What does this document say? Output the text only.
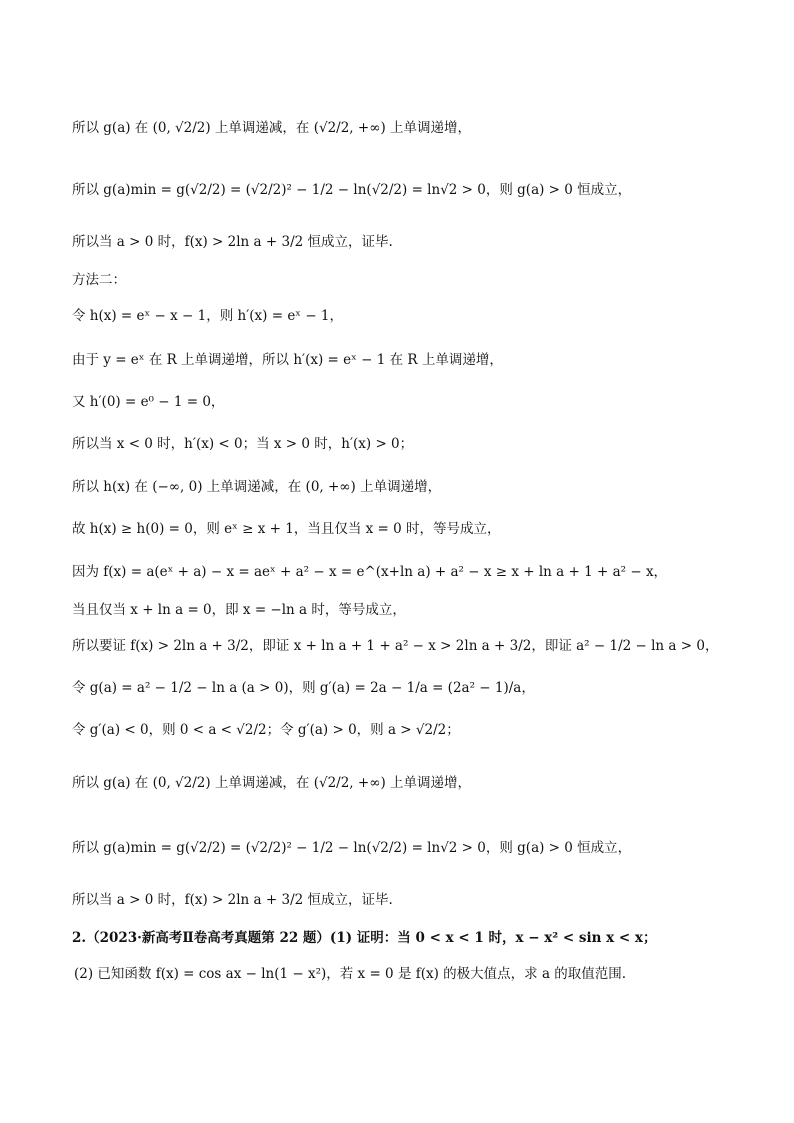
所以 g(a) 在 (0, √2/2) 上单调递减，在 (√2/2, +∞) 上单调递增，
所以 g(a)min = g(√2/2) = (√2/2)² − 1/2 − ln(√2/2) = ln√2 > 0，则 g(a) > 0 恒成立，
所以当 a > 0 时，f(x) > 2ln a + 3/2 恒成立，证毕.
方法二：
令 h(x) = eˣ − x − 1，则 h′(x) = eˣ − 1，
由于 y = eˣ 在 R 上单调递增，所以 h′(x) = eˣ − 1 在 R 上单调递增，
又 h′(0) = e⁰ − 1 = 0，
所以当 x < 0 时，h′(x) < 0；当 x > 0 时，h′(x) > 0；
所以 h(x) 在 (−∞, 0) 上单调递减，在 (0, +∞) 上单调递增，
故 h(x) ≥ h(0) = 0，则 eˣ ≥ x + 1，当且仅当 x = 0 时，等号成立，
因为 f(x) = a(eˣ + a) − x = aeˣ + a² − x = e^(x+ln a) + a² − x ≥ x + ln a + 1 + a² − x，
当且仅当 x + ln a = 0，即 x = −ln a 时，等号成立，
所以要证 f(x) > 2ln a + 3/2，即证 x + ln a + 1 + a² − x > 2ln a + 3/2，即证 a² − 1/2 − ln a > 0，
令 g(a) = a² − 1/2 − ln a (a > 0)，则 g′(a) = 2a − 1/a = (2a² − 1)/a，
令 g′(a) < 0，则 0 < a < √2/2；令 g′(a) > 0，则 a > √2/2；
所以 g(a) 在 (0, √2/2) 上单调递减，在 (√2/2, +∞) 上单调递增，
所以 g(a)min = g(√2/2) = (√2/2)² − 1/2 − ln(√2/2) = ln√2 > 0，则 g(a) > 0 恒成立，
所以当 a > 0 时，f(x) > 2ln a + 3/2 恒成立，证毕.
2.（2023·新高考Ⅱ卷高考真题第 22 题）(1) 证明：当 0 < x < 1 时，x − x² < sin x < x；
(2) 已知函数 f(x) = cos ax − ln(1 − x²)，若 x = 0 是 f(x) 的极大值点，求 a 的取值范围.
